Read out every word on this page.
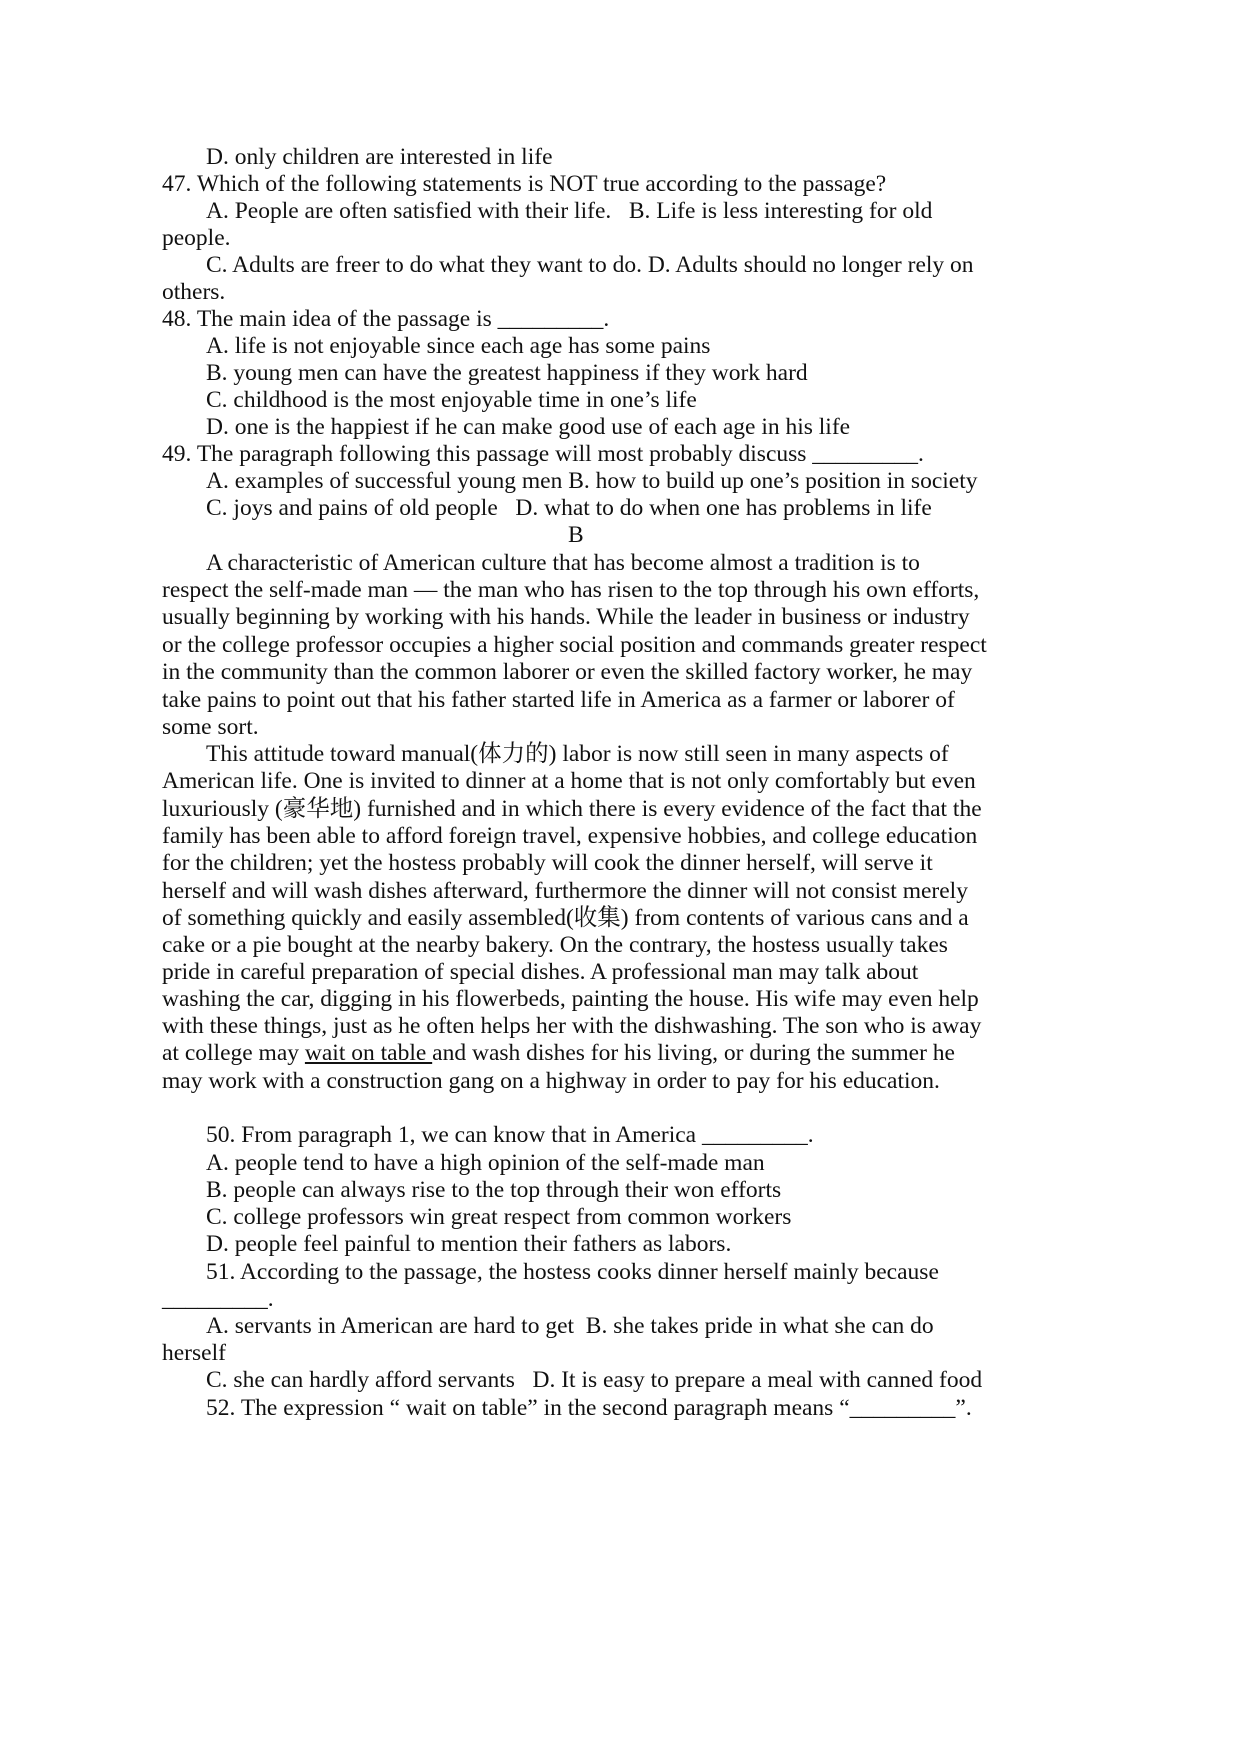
D. only children are interested in life
47. Which of the following statements is NOT true according to the passage?
A. People are often satisfied with their life.   B. Life is less interesting for old
people.
C. Adults are freer to do what they want to do. D. Adults should no longer rely on
others.
48. The main idea of the passage is _________.
A. life is not enjoyable since each age has some pains
B. young men can have the greatest happiness if they work hard
C. childhood is the most enjoyable time in one’s life
D. one is the happiest if he can make good use of each age in his life
49. The paragraph following this passage will most probably discuss _________.
A. examples of successful young men B. how to build up one’s position in society
C. joys and pains of old people   D. what to do when one has problems in life
B
A characteristic of American culture that has become almost a tradition is to
respect the self-made man — the man who has risen to the top through his own efforts,
usually beginning by working with his hands. While the leader in business or industry
or the college professor occupies a higher social position and commands greater respect
in the community than the common laborer or even the skilled factory worker, he may
take pains to point out that his father started life in America as a farmer or laborer of
some sort.
This attitude toward manual(体力的) labor is now still seen in many aspects of
American life. One is invited to dinner at a home that is not only comfortably but even
luxuriously (豪华地) furnished and in which there is every evidence of the fact that the
family has been able to afford foreign travel, expensive hobbies, and college education
for the children; yet the hostess probably will cook the dinner herself, will serve it
herself and will wash dishes afterward, furthermore the dinner will not consist merely
of something quickly and easily assembled(收集) from contents of various cans and a
cake or a pie bought at the nearby bakery. On the contrary, the hostess usually takes
pride in careful preparation of special dishes. A professional man may talk about
washing the car, digging in his flowerbeds, painting the house. His wife may even help
with these things, just as he often helps her with the dishwashing. The son who is away
at college may wait on table and wash dishes for his living, or during the summer he
may work with a construction gang on a highway in order to pay for his education.
50. From paragraph 1, we can know that in America _________.
A. people tend to have a high opinion of the self-made man
B. people can always rise to the top through their won efforts
C. college professors win great respect from common workers
D. people feel painful to mention their fathers as labors.
51. According to the passage, the hostess cooks dinner herself mainly because
_________.
A. servants in American are hard to get  B. she takes pride in what she can do
herself
C. she can hardly afford servants   D. It is easy to prepare a meal with canned food
52. The expression “ wait on table” in the second paragraph means “_________”.
